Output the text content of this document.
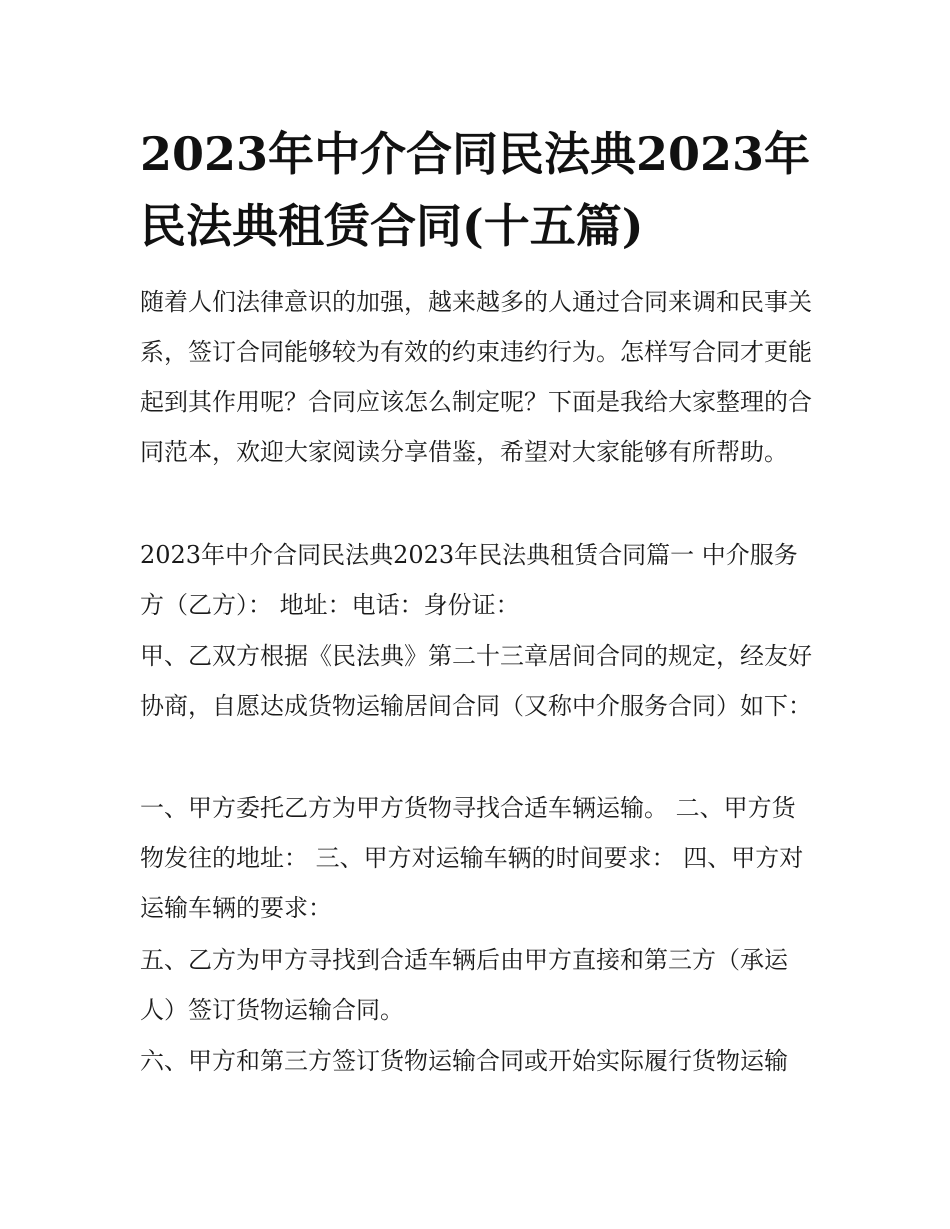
2023年中介合同民法典2023年民法典租赁合同(十五篇)

随着人们法律意识的加强，越来越多的人通过合同来调和民事关系，签订合同能够较为有效的约束违约行为。怎样写合同才更能起到其作用呢？合同应该怎么制定呢？下面是我给大家整理的合同范本，欢迎大家阅读分享借鉴，希望对大家能够有所帮助。

2023年中介合同民法典2023年民法典租赁合同篇一 中介服务方（乙方）： 地址：电话：身份证：

甲、乙双方根据《民法典》第二十三章居间合同的规定，经友好协商，自愿达成货物运输居间合同（又称中介服务合同）如下：

一、甲方委托乙方为甲方货物寻找合适车辆运输。 二、甲方货物发往的地址： 三、甲方对运输车辆的时间要求： 四、甲方对运输车辆的要求：

五、乙方为甲方寻找到合适车辆后由甲方直接和第三方（承运人）签订货物运输合同。

六、甲方和第三方签订货物运输合同或开始实际履行货物运输
